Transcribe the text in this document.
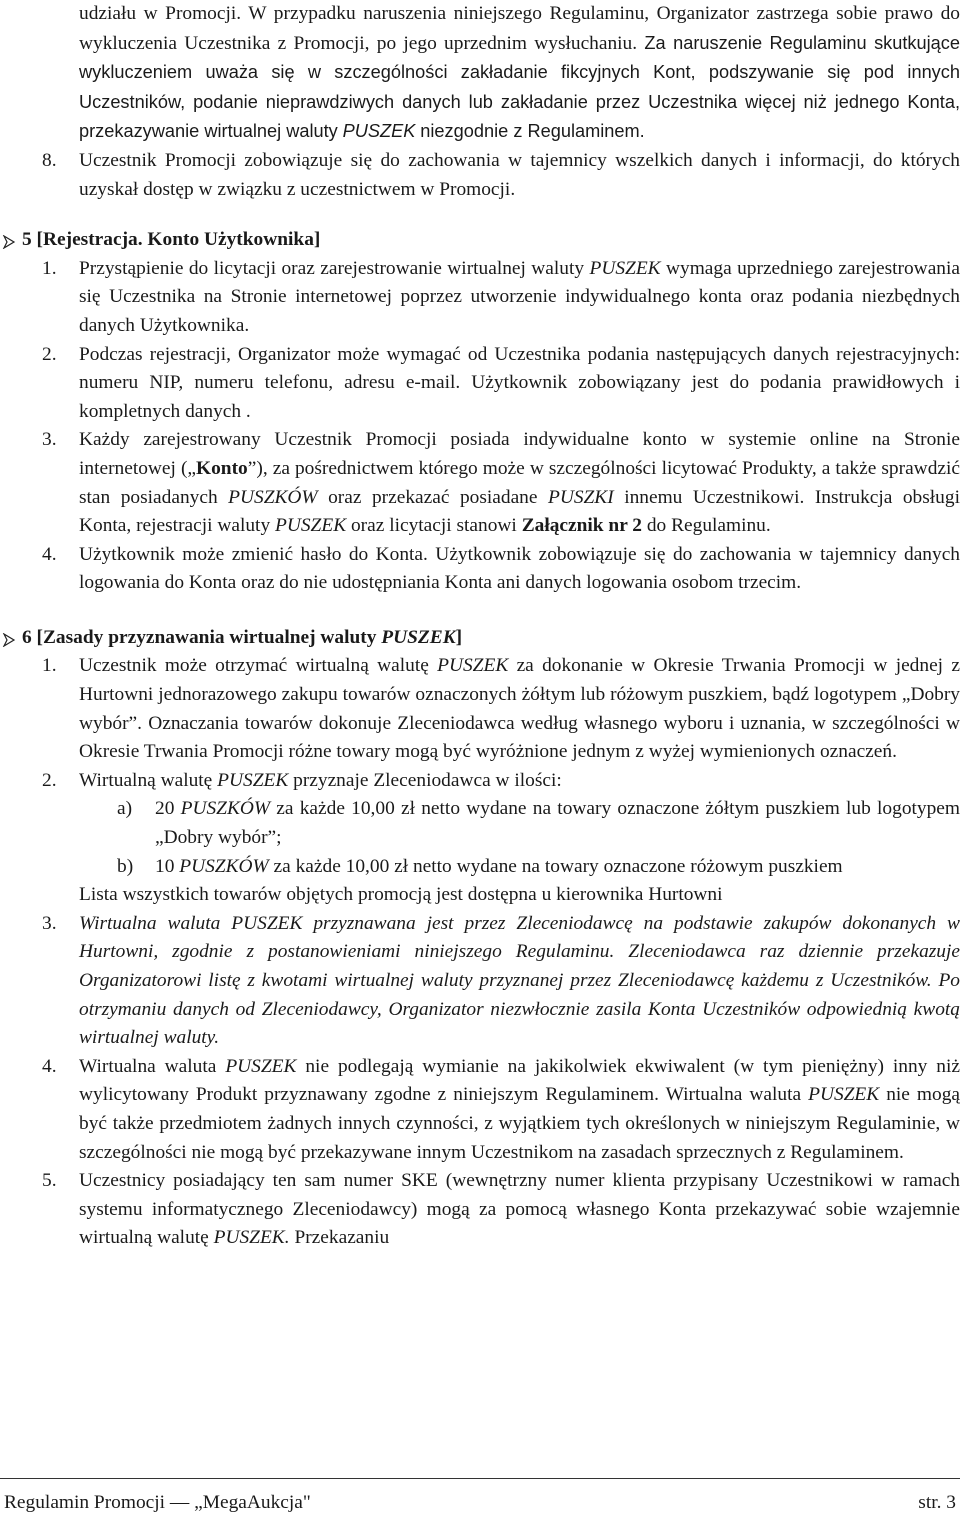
udziału w Promocji. W przypadku naruszenia niniejszego Regulaminu, Organizator zastrzega sobie prawo do wykluczenia Uczestnika z Promocji, po jego uprzednim wysłuchaniu. Za naruszenie Regulaminu skutkujące wykluczeniem uważa się w szczególności zakładanie fikcyjnych Kont, podszywanie się pod innych Uczestników, podanie nieprawdziwych danych lub zakładanie przez Uczestnika więcej niż jednego Konta, przekazywanie wirtualnej waluty PUSZEK niezgodnie z Regulaminem.
8. Uczestnik Promocji zobowiązuje się do zachowania w tajemnicy wszelkich danych i informacji, do których uzyskał dostęp w związku z uczestnictwem w Promocji.
5 [Rejestracja. Konto Użytkownika]
1. Przystąpienie do licytacji oraz zarejestrowanie wirtualnej waluty PUSZEK wymaga uprzedniego zarejestrowania się Uczestnika na Stronie internetowej poprzez utworzenie indywidualnego konta oraz podania niezbędnych danych Użytkownika.
2. Podczas rejestracji, Organizator może wymagać od Uczestnika podania następujących danych rejestracyjnych: numeru NIP, numeru telefonu, adresu e-mail. Użytkownik zobowiązany jest do podania prawidłowych i kompletnych danych .
3. Każdy zarejestrowany Uczestnik Promocji posiada indywidualne konto w systemie online na Stronie internetowej („Konto”), za pośrednictwem którego może w szczególności licytować Produkty, a także sprawdzić stan posiadanych PUSZKÓW oraz przekazać posiadane PUSZKI innemu Uczestnikowi. Instrukcja obsługi Konta, rejestracji waluty PUSZEK oraz licytacji stanowi Załącznik nr 2 do Regulaminu.
4. Użytkownik może zmienić hasło do Konta. Użytkownik zobowiązuje się do zachowania w tajemnicy danych logowania do Konta oraz do nie udostępniania Konta ani danych logowania osobom trzecim.
6 [Zasady przyznawania wirtualnej waluty PUSZEK]
1. Uczestnik może otrzymać wirtualną walutę PUSZEK za dokonanie w Okresie Trwania Promocji w jednej z Hurtowni jednorazowego zakupu towarów oznaczonych żółtym lub różowym puszkiem, bądź logotypem „Dobry wybór”. Oznaczania towarów dokonuje Zleceniodawca według własnego wyboru i uznania, w szczególności w Okresie Trwania Promocji różne towary mogą być wyróżnione jednym z wyżej wymienionych oznaczeń.
2. Wirtualną walutę PUSZEK przyznaje Zleceniodawca w ilości:
a) 20 PUSZKÓW za każde 10,00 zł netto wydane na towary oznaczone żółtym puszkiem lub logotypem „Dobry wybór”;
b) 10 PUSZKÓW za każde 10,00 zł netto wydane na towary oznaczone różowym puszkiem
Lista wszystkich towarów objętych promocją jest dostępna u kierownika Hurtowni
3. Wirtualna waluta PUSZEK przyznawana jest przez Zleceniodawcę na podstawie zakupów dokonanych w Hurtowni, zgodnie z postanowieniami niniejszego Regulaminu. Zleceniodawca raz dziennie przekazuje Organizatorowi listę z kwotami wirtualnej waluty przyznanej przez Zleceniodawcę każdemu z Uczestników. Po otrzymaniu danych od Zleceniodawcy, Organizator niezwłocznie zasila Konta Uczestników odpowiednią kwotą wirtualnej waluty.
4. Wirtualna waluta PUSZEK nie podlegają wymianie na jakikolwiek ekwiwalent (w tym pieniężny) inny niż wylicytowany Produkt przyznawany zgodne z niniejszym Regulaminem. Wirtualna waluta PUSZEK nie mogą być także przedmiotem żadnych innych czynności, z wyjątkiem tych określonych w niniejszym Regulaminie, w szczególności nie mogą być przekazywane innym Uczestnikom na zasadach sprzecznych z Regulaminem.
5. Uczestnicy posiadający ten sam numer SKE (wewnętrzny numer klienta przypisany Uczestnikowi w ramach systemu informatycznego Zleceniodawcy) mogą za pomocą własnego Konta przekazywać sobie wzajemnie wirtualną walutę PUSZEK. Przekazaniu
Regulamin Promocji — „MegaAukcja"	str. 3
